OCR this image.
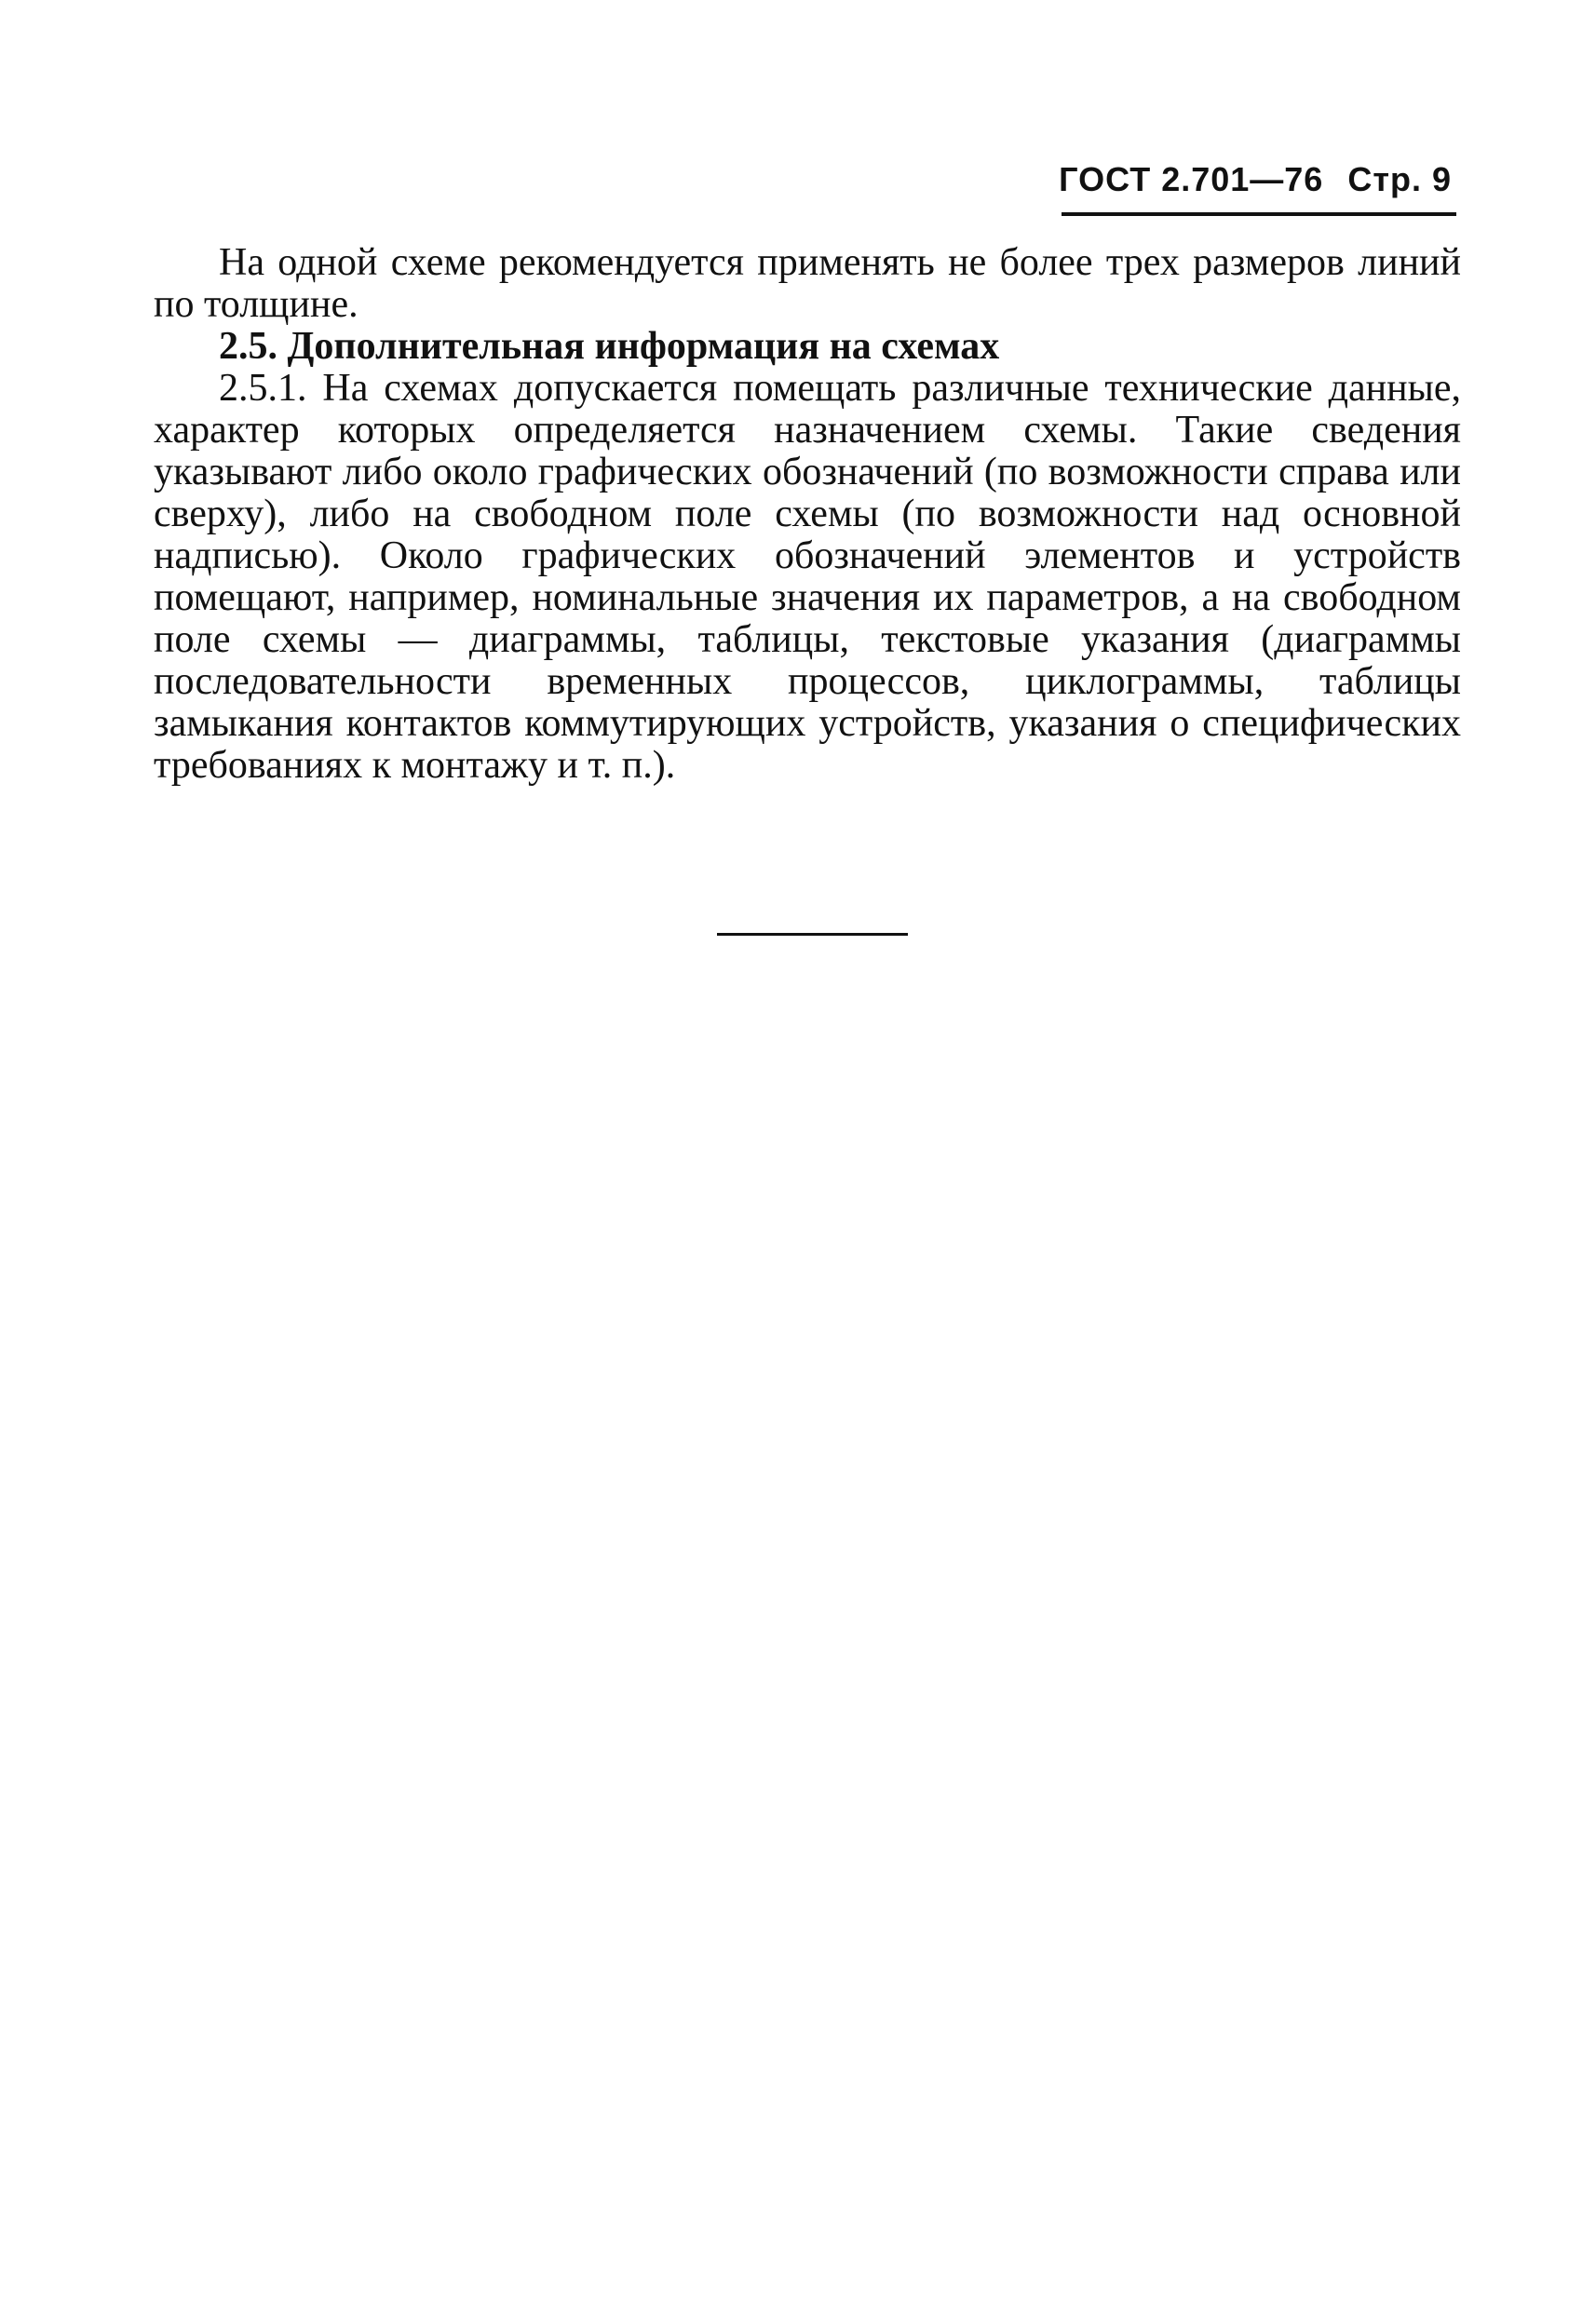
ГОСТ 2.701—76 Стр. 9

На одной схеме рекомендуется применять не более трех размеров линий по толщине.

2.5. Дополнительная информация на схемах

2.5.1. На схемах допускается помещать различные технические данные, характер которых определяется назначением схемы. Такие сведения указывают либо около графических обозначений (по возможности справа или сверху), либо на свободном поле схемы (по возможности над основной надписью). Около графических обозначений элементов и устройств помещают, например, номинальные значения их параметров, а на свободном поле схемы — диаграммы, таблицы, текстовые указания (диаграммы последовательности временных процессов, циклограммы, таблицы замыкания контактов коммутирующих устройств, указания о специфических требованиях к монтажу и т. п.).
